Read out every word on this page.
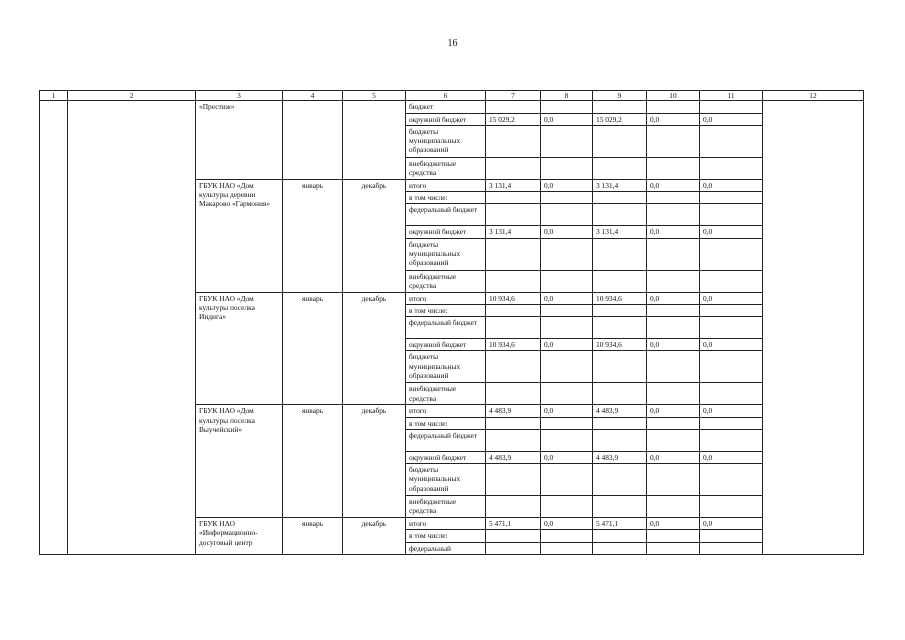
16
1	2	3	4	5	6	7	8	9	10	11	12
		«Престиж»			бюджет						
					окружной бюджет	15 029,2	0,0	15 029,2	0,0	0,0	
					бюджеты муниципальных образований						
					внебюджетные средства						
		ГБУК НАО «Дом культуры деревни Макарово «Гармония»	январь	декабрь	итого	3 131,4	0,0	3 131,4	0,0	0,0	
					в том числе:						
					федеральный бюджет						
					окружной бюджет	3 131,4	0,0	3 131,4	0,0	0,0	
					бюджеты муниципальных образований						
					внебюджетные средства						
		ГБУК НАО «Дом культуры поселка Индига»	январь	декабрь	итого	10 934,6	0,0	10 934,6	0,0	0,0	
					в том числе:						
					федеральный бюджет						
					окружной бюджет	10 934,6	0,0	10 934,6	0,0	0,0	
					бюджеты муниципальных образований						
					внебюджетные средства						
		ГБУК НАО «Дом культуры поселка Выучейский»	январь	декабрь	итого	4 483,9	0,0	4 483,9	0,0	0,0	
					в том числе:						
					федеральный бюджет						
					окружной бюджет	4 483,9	0,0	4 483,9	0,0	0,0	
					бюджеты муниципальных образований						
					внебюджетные средства						
		ГБУК НАО «Информационно-досуговый центр	январь	декабрь	итого	5 471,1	0,0	5 471,1	0,0	0,0	
					в том числе:						
					федеральный						
